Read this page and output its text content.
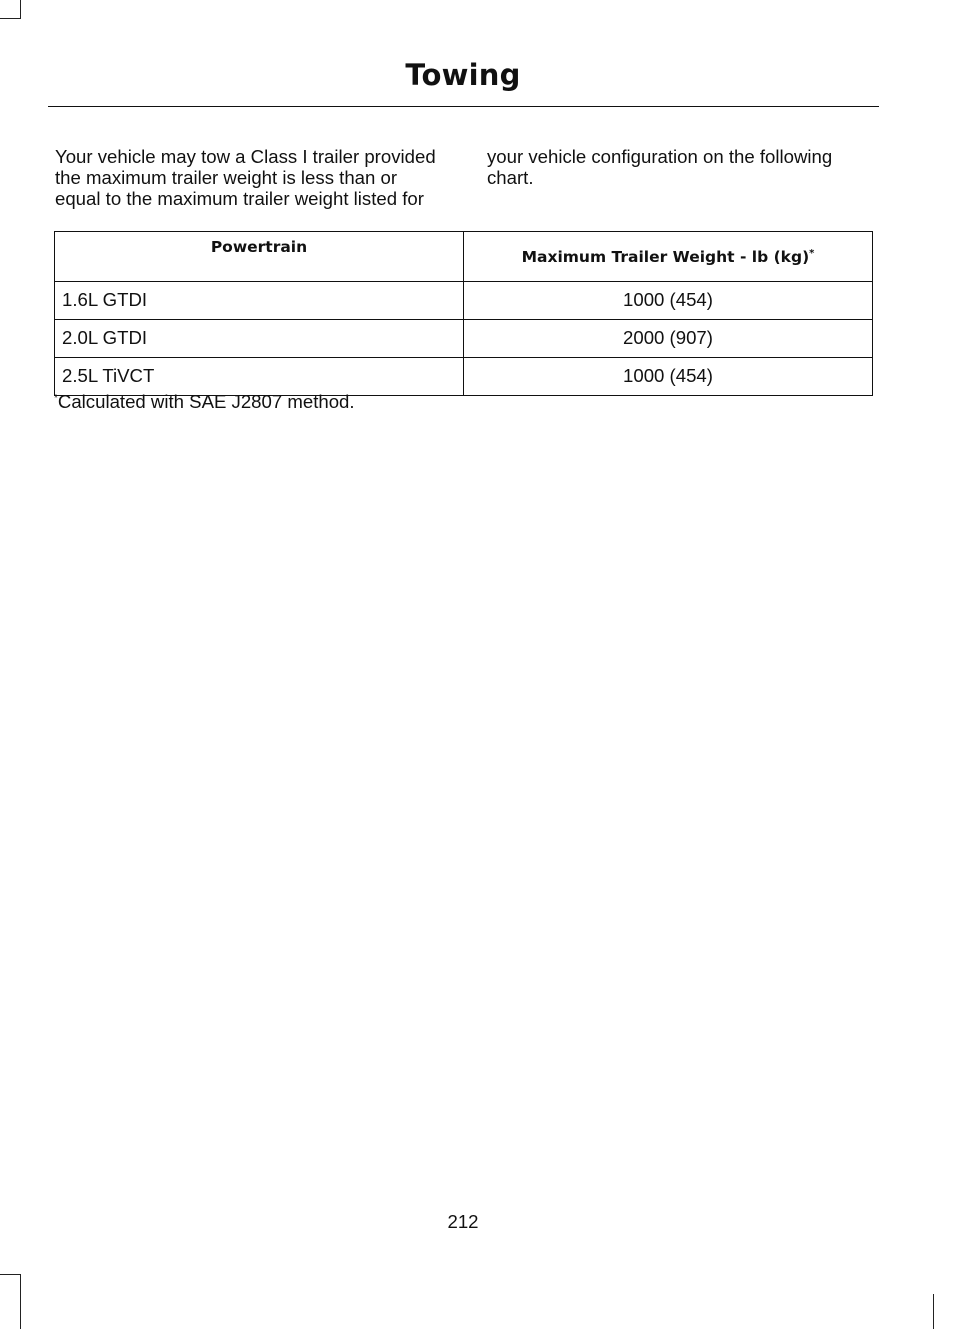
Towing
Your vehicle may tow a Class I trailer provided the maximum trailer weight is less than or equal to the maximum trailer weight listed for your vehicle configuration on the following chart.
Powertrain	Maximum Trailer Weight - lb (kg)*
1.6L GTDI	1000 (454)
2.0L GTDI	2000 (907)
2.5L TiVCT	1000 (454)
*Calculated with SAE J2807 method.
212
